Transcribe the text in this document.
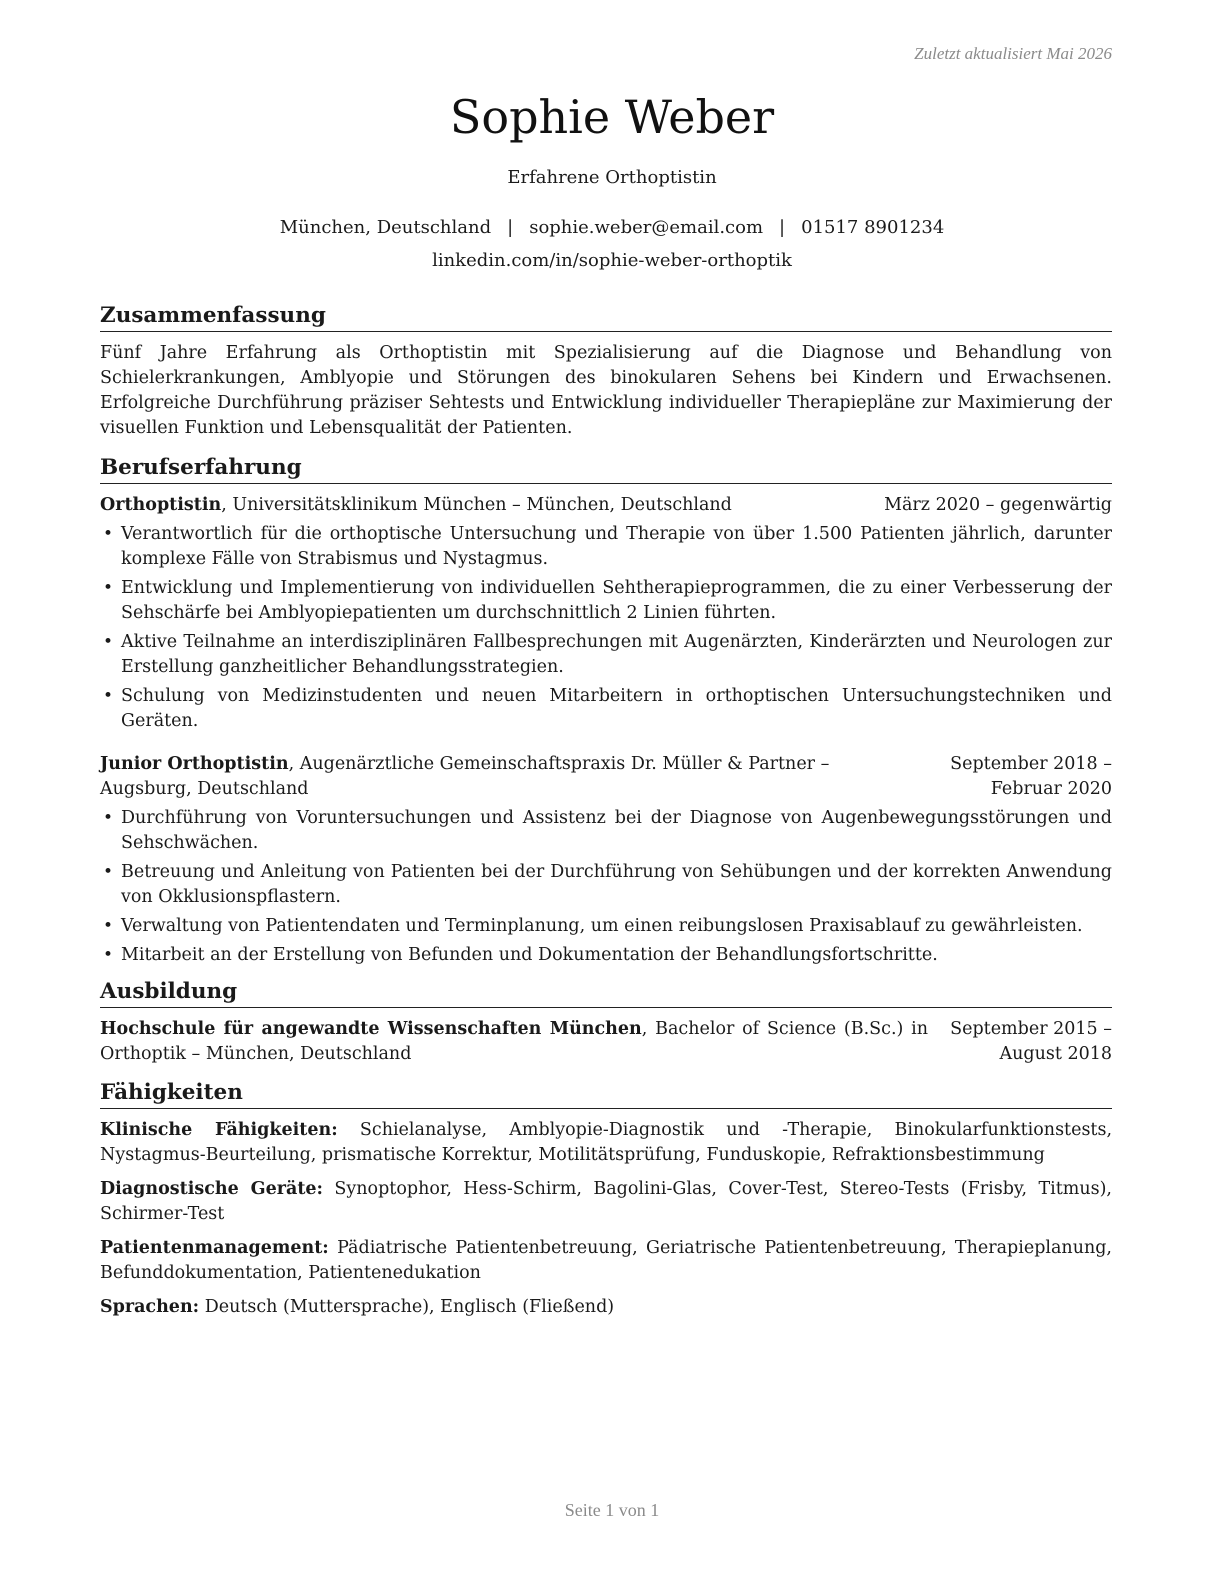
Zuletzt aktualisiert Mai 2026
Sophie Weber
Erfahrene Orthoptistin
München, Deutschland | sophie.weber@email.com | 01517 8901234
linkedin.com/in/sophie-weber-orthoptik
Zusammenfassung

Fünf Jahre Erfahrung als Orthoptistin mit Spezialisierung auf die Diagnose und Behandlung von Schielerkrankungen, Amblyopie und Störungen des binokularen Sehens bei Kindern und Erwachsenen. Erfolgreiche Durchführung präziser Sehtests und Entwicklung individueller Therapiepläne zur Maximierung der visuellen Funktion und Lebensqualität der Patienten.

Berufserfahrung
Orthoptistin, Universitätsklinikum München – München, Deutschland	März 2020 – gegenwärtig
• Verantwortlich für die orthoptische Untersuchung und Therapie von über 1.500 Patienten jährlich, darunter komplexe Fälle von Strabismus und Nystagmus.
• Entwicklung und Implementierung von individuellen Sehtherapieprogrammen, die zu einer Verbesserung der Sehschärfe bei Amblyopiepatienten um durchschnittlich 2 Linien führten.
• Aktive Teilnahme an interdisziplinären Fallbesprechungen mit Augenärzten, Kinderärzten und Neurologen zur Erstellung ganzheitlicher Behandlungsstrategien.
• Schulung von Medizinstudenten und neuen Mitarbeitern in orthoptischen Untersuchungstechniken und Geräten.
Junior Orthoptistin, Augenärztliche Gemeinschaftspraxis Dr. Müller & Partner – Augsburg, Deutschland
September 2018 – Februar 2020
• Durchführung von Voruntersuchungen und Assistenz bei der Diagnose von Augenbewegungsstörungen und Sehschwächen.
• Betreuung und Anleitung von Patienten bei der Durchführung von Sehübungen und der korrekten Anwendung von Okklusionspflastern.
• Verwaltung von Patientendaten und Terminplanung, um einen reibungslosen Praxisablauf zu gewährleisten.
• Mitarbeit an der Erstellung von Befunden und Dokumentation der Behandlungsfortschritte.
Ausbildung
Hochschule für angewandte Wissenschaften München, Bachelor of Science (B.Sc.) in Orthoptik – München, Deutschland
September 2015 – August 2018
Fähigkeiten
Klinische Fähigkeiten: Schielanalyse, Amblyopie-Diagnostik und -Therapie, Binokularfunktionstests, Nystagmus-Beurteilung, prismatische Korrektur, Motilitätsprüfung, Funduskopie, Refraktionsbestimmung
Diagnostische Geräte: Synoptophor, Hess-Schirm, Bagolini-Glas, Cover-Test, Stereo-Tests (Frisby, Titmus), Schirmer-Test
Patientenmanagement: Pädiatrische Patientenbetreuung, Geriatrische Patientenbetreuung, Therapieplanung, Befunddokumentation, Patientenedukation
Sprachen: Deutsch (Muttersprache), Englisch (Fließend)
Seite 1 von 1
